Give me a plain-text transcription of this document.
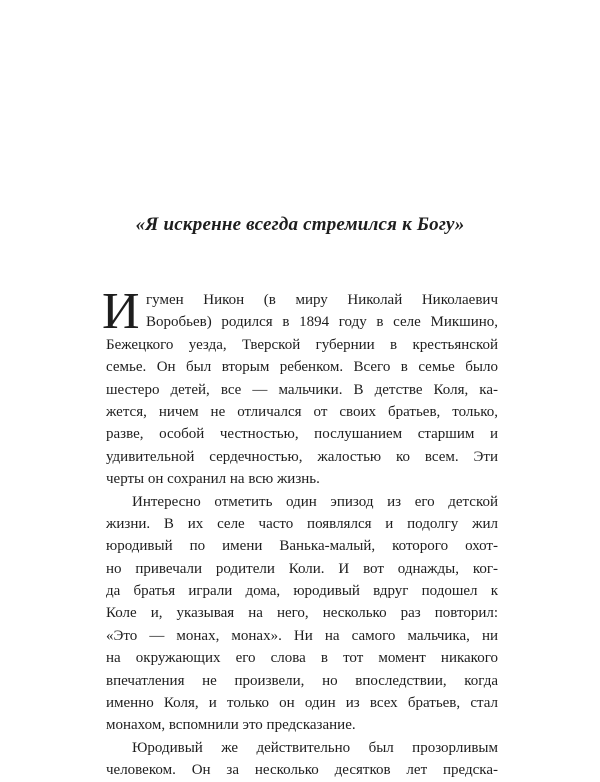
«Я искренне всегда стремился к Богу»
И гумен Никон (в миру Николай Николаевич
Воробьев) родился в 1894 году в селе Микшино,
Бежецкого уезда, Тверской губернии в крестьянской
семье. Он был вторым ребенком. Всего в семье было
шестеро детей, все — мальчики. В детстве Коля, ка-
жется, ничем не отличался от своих братьев, только,
разве, особой честностью, послушанием старшим и
удивительной сердечностью, жалостью ко всем. Эти
черты он сохранил на всю жизнь.
Интересно отметить один эпизод из его детской
жизни. В их селе часто появлялся и подолгу жил
юродивый по имени Ванька-малый, которого охот-
но привечали родители Коли. И вот однажды, ког-
да братья играли дома, юродивый вдруг подошел к
Коле и, указывая на него, несколько раз повторил:
«Это — монах, монах». Ни на самого мальчика, ни
на окружающих его слова в тот момент никакого
впечатления не произвели, но впоследствии, когда
именно Коля, и только он один из всех братьев, стал
монахом, вспомнили это предсказание.
Юродивый же действительно был прозорливым
человеком. Он за несколько десятков лет предска-
